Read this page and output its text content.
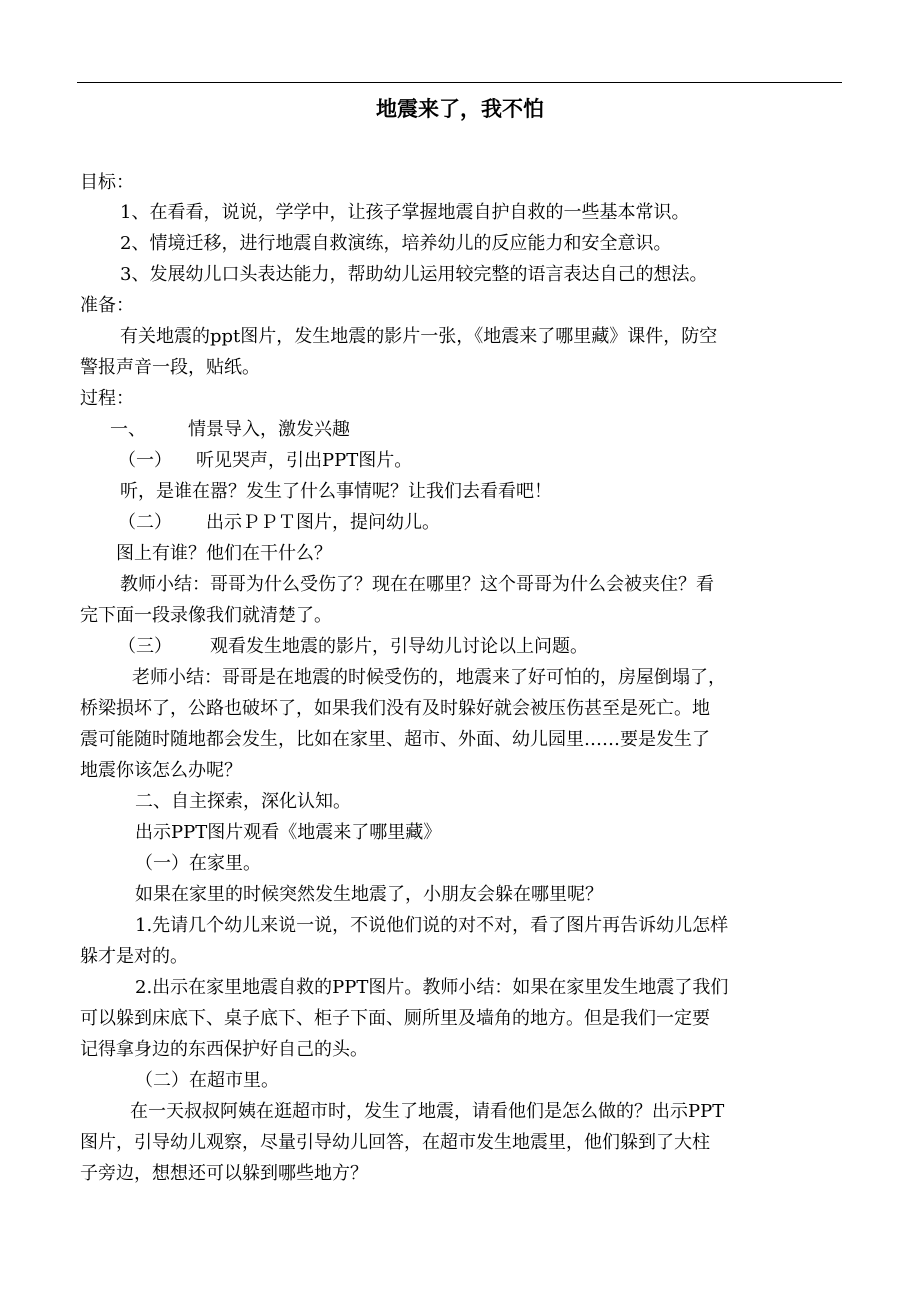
地震来了，我不怕
目标：
1、在看看，说说，学学中，让孩子掌握地震自护自救的一些基本常识。
2、情境迁移，进行地震自救演练，培养幼儿的反应能力和安全意识。
3、发展幼儿口头表达能力，帮助幼儿运用较完整的语言表达自己的想法。
准备：
有关地震的ppt图片，发生地震的影片一张，《地震来了哪里藏》课件，防空
警报声音一段，贴纸。
过程：
一、 情景导入，激发兴趣
（一） 听见哭声，引出PPT图片。
听，是谁在嚣？发生了什么事情呢？让我们去看看吧！
（二） 出示ＰＰＴ图片，提问幼儿。
图上有谁？他们在干什么？
教师小结：哥哥为什么受伤了？现在在哪里？这个哥哥为什么会被夹住？看
完下面一段录像我们就清楚了。
（三） 观看发生地震的影片，引导幼儿讨论以上问题。
老师小结：哥哥是在地震的时候受伤的，地震来了好可怕的，房屋倒塌了，
桥梁损坏了，公路也破坏了，如果我们没有及时躲好就会被压伤甚至是死亡。地
震可能随时随地都会发生，比如在家里、超市、外面、幼儿园里……要是发生了
地震你该怎么办呢？
二、自主探索，深化认知。
出示PPT图片观看《地震来了哪里藏》
（一）在家里。
如果在家里的时候突然发生地震了，小朋友会躲在哪里呢？
1.先请几个幼儿来说一说，不说他们说的对不对，看了图片再告诉幼儿怎样
躲才是对的。
2.出示在家里地震自救的PPT图片。教师小结：如果在家里发生地震了我们
可以躲到床底下、桌子底下、柜子下面、厕所里及墙角的地方。但是我们一定要
记得拿身边的东西保护好自己的头。
（二）在超市里。
在一天叔叔阿姨在逛超市时，发生了地震，请看他们是怎么做的？出示PPT
图片，引导幼儿观察，尽量引导幼儿回答，在超市发生地震里，他们躲到了大柱
子旁边，想想还可以躲到哪些地方？
